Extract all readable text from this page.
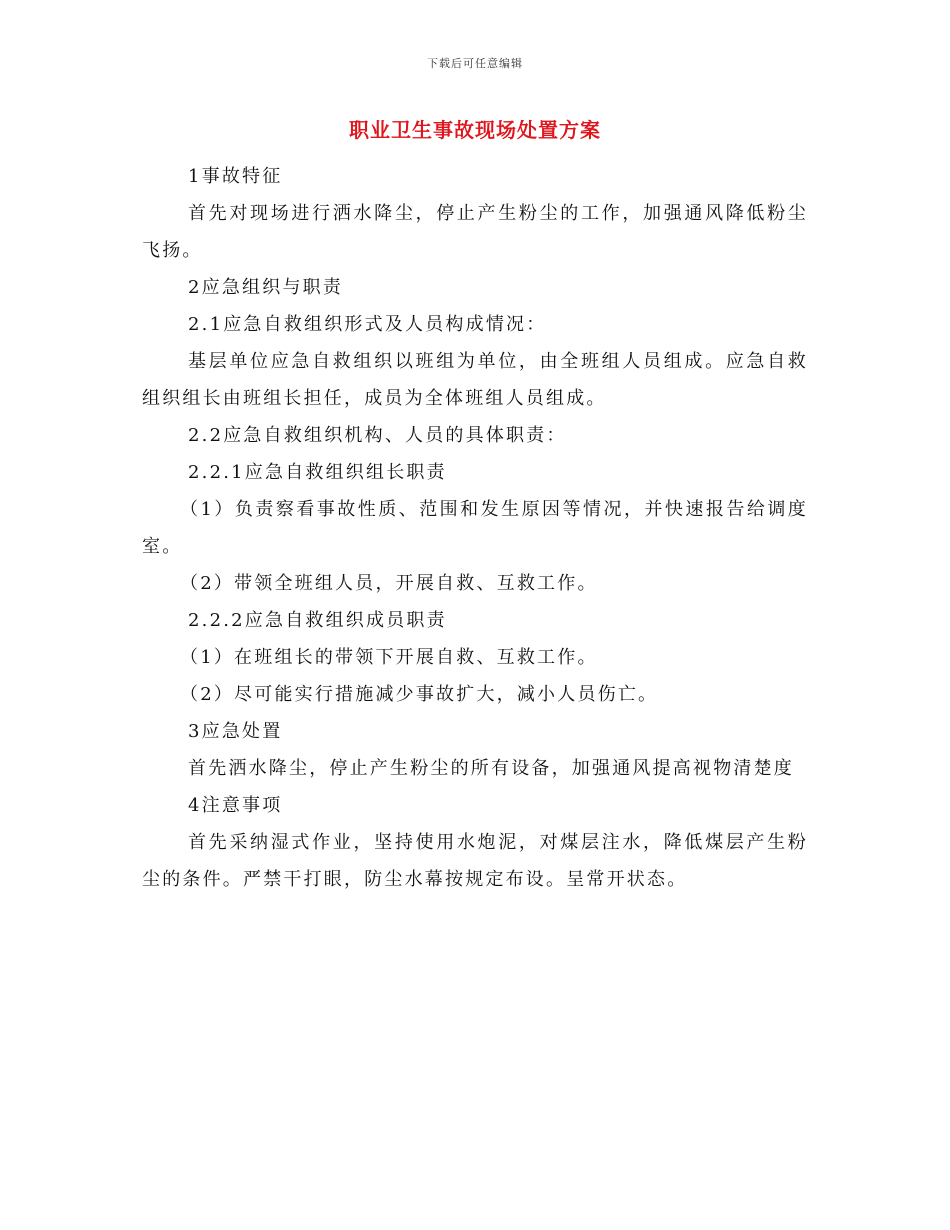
下载后可任意编辑
职业卫生事故现场处置方案

1事故特征

首先对现场进行洒水降尘，停止产生粉尘的工作，加强通风降低粉尘飞扬。

2应急组织与职责

2.1应急自救组织形式及人员构成情况：

基层单位应急自救组织以班组为单位，由全班组人员组成。应急自救组织组长由班组长担任，成员为全体班组人员组成。

2.2应急自救组织机构、人员的具体职责：

2.2.1应急自救组织组长职责

（1）负责察看事故性质、范围和发生原因等情况，并快速报告给调度室。

（2）带领全班组人员，开展自救、互救工作。

2.2.2应急自救组织成员职责

（1）在班组长的带领下开展自救、互救工作。

（2）尽可能实行措施减少事故扩大，减小人员伤亡。

3应急处置

首先洒水降尘，停止产生粉尘的所有设备，加强通风提高视物清楚度

4注意事项

首先采纳湿式作业，坚持使用水炮泥，对煤层注水，降低煤层产生粉尘的条件。严禁干打眼，防尘水幕按规定布设。呈常开状态。
